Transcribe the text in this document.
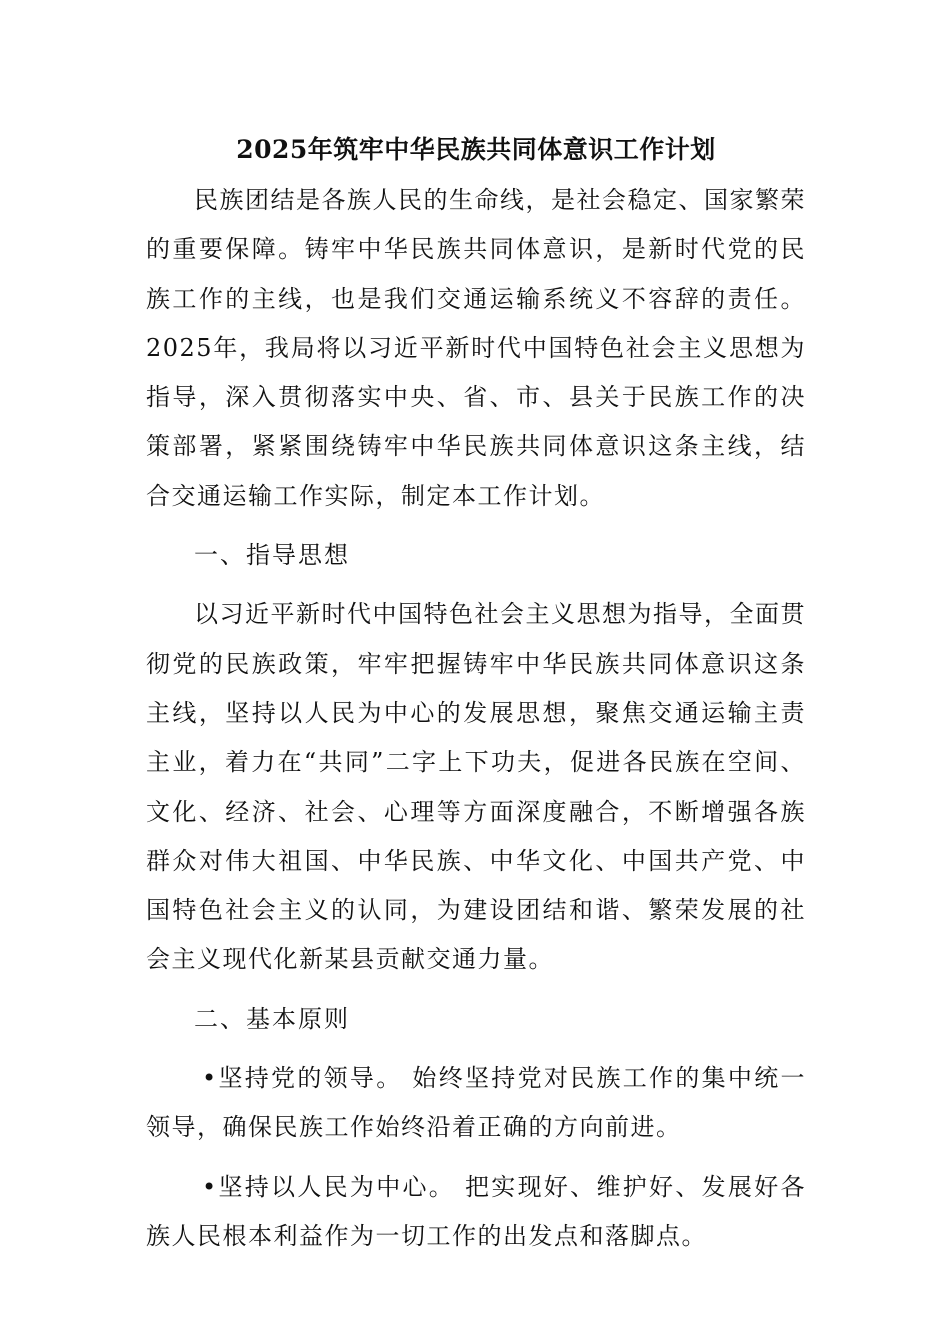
2025年筑牢中华民族共同体意识工作计划

民族团结是各族人民的生命线，是社会稳定、国家繁荣的重要保障。铸牢中华民族共同体意识，是新时代党的民族工作的主线，也是我们交通运输系统义不容辞的责任。2025年，我局将以习近平新时代中国特色社会主义思想为指导，深入贯彻落实中央、省、市、县关于民族工作的决策部署，紧紧围绕铸牢中华民族共同体意识这条主线，结合交通运输工作实际，制定本工作计划。

一、指导思想

以习近平新时代中国特色社会主义思想为指导，全面贯彻党的民族政策，牢牢把握铸牢中华民族共同体意识这条主线，坚持以人民为中心的发展思想，聚焦交通运输主责主业，着力在“共同”二字上下功夫，促进各民族在空间、文化、经济、社会、心理等方面深度融合，不断增强各族群众对伟大祖国、中华民族、中华文化、中国共产党、中国特色社会主义的认同，为建设团结和谐、繁荣发展的社会主义现代化新某县贡献交通力量。

二、基本原则

•坚持党的领导。 始终坚持党对民族工作的集中统一领导，确保民族工作始终沿着正确的方向前进。

•坚持以人民为中心。 把实现好、维护好、发展好各族人民根本利益作为一切工作的出发点和落脚点。
